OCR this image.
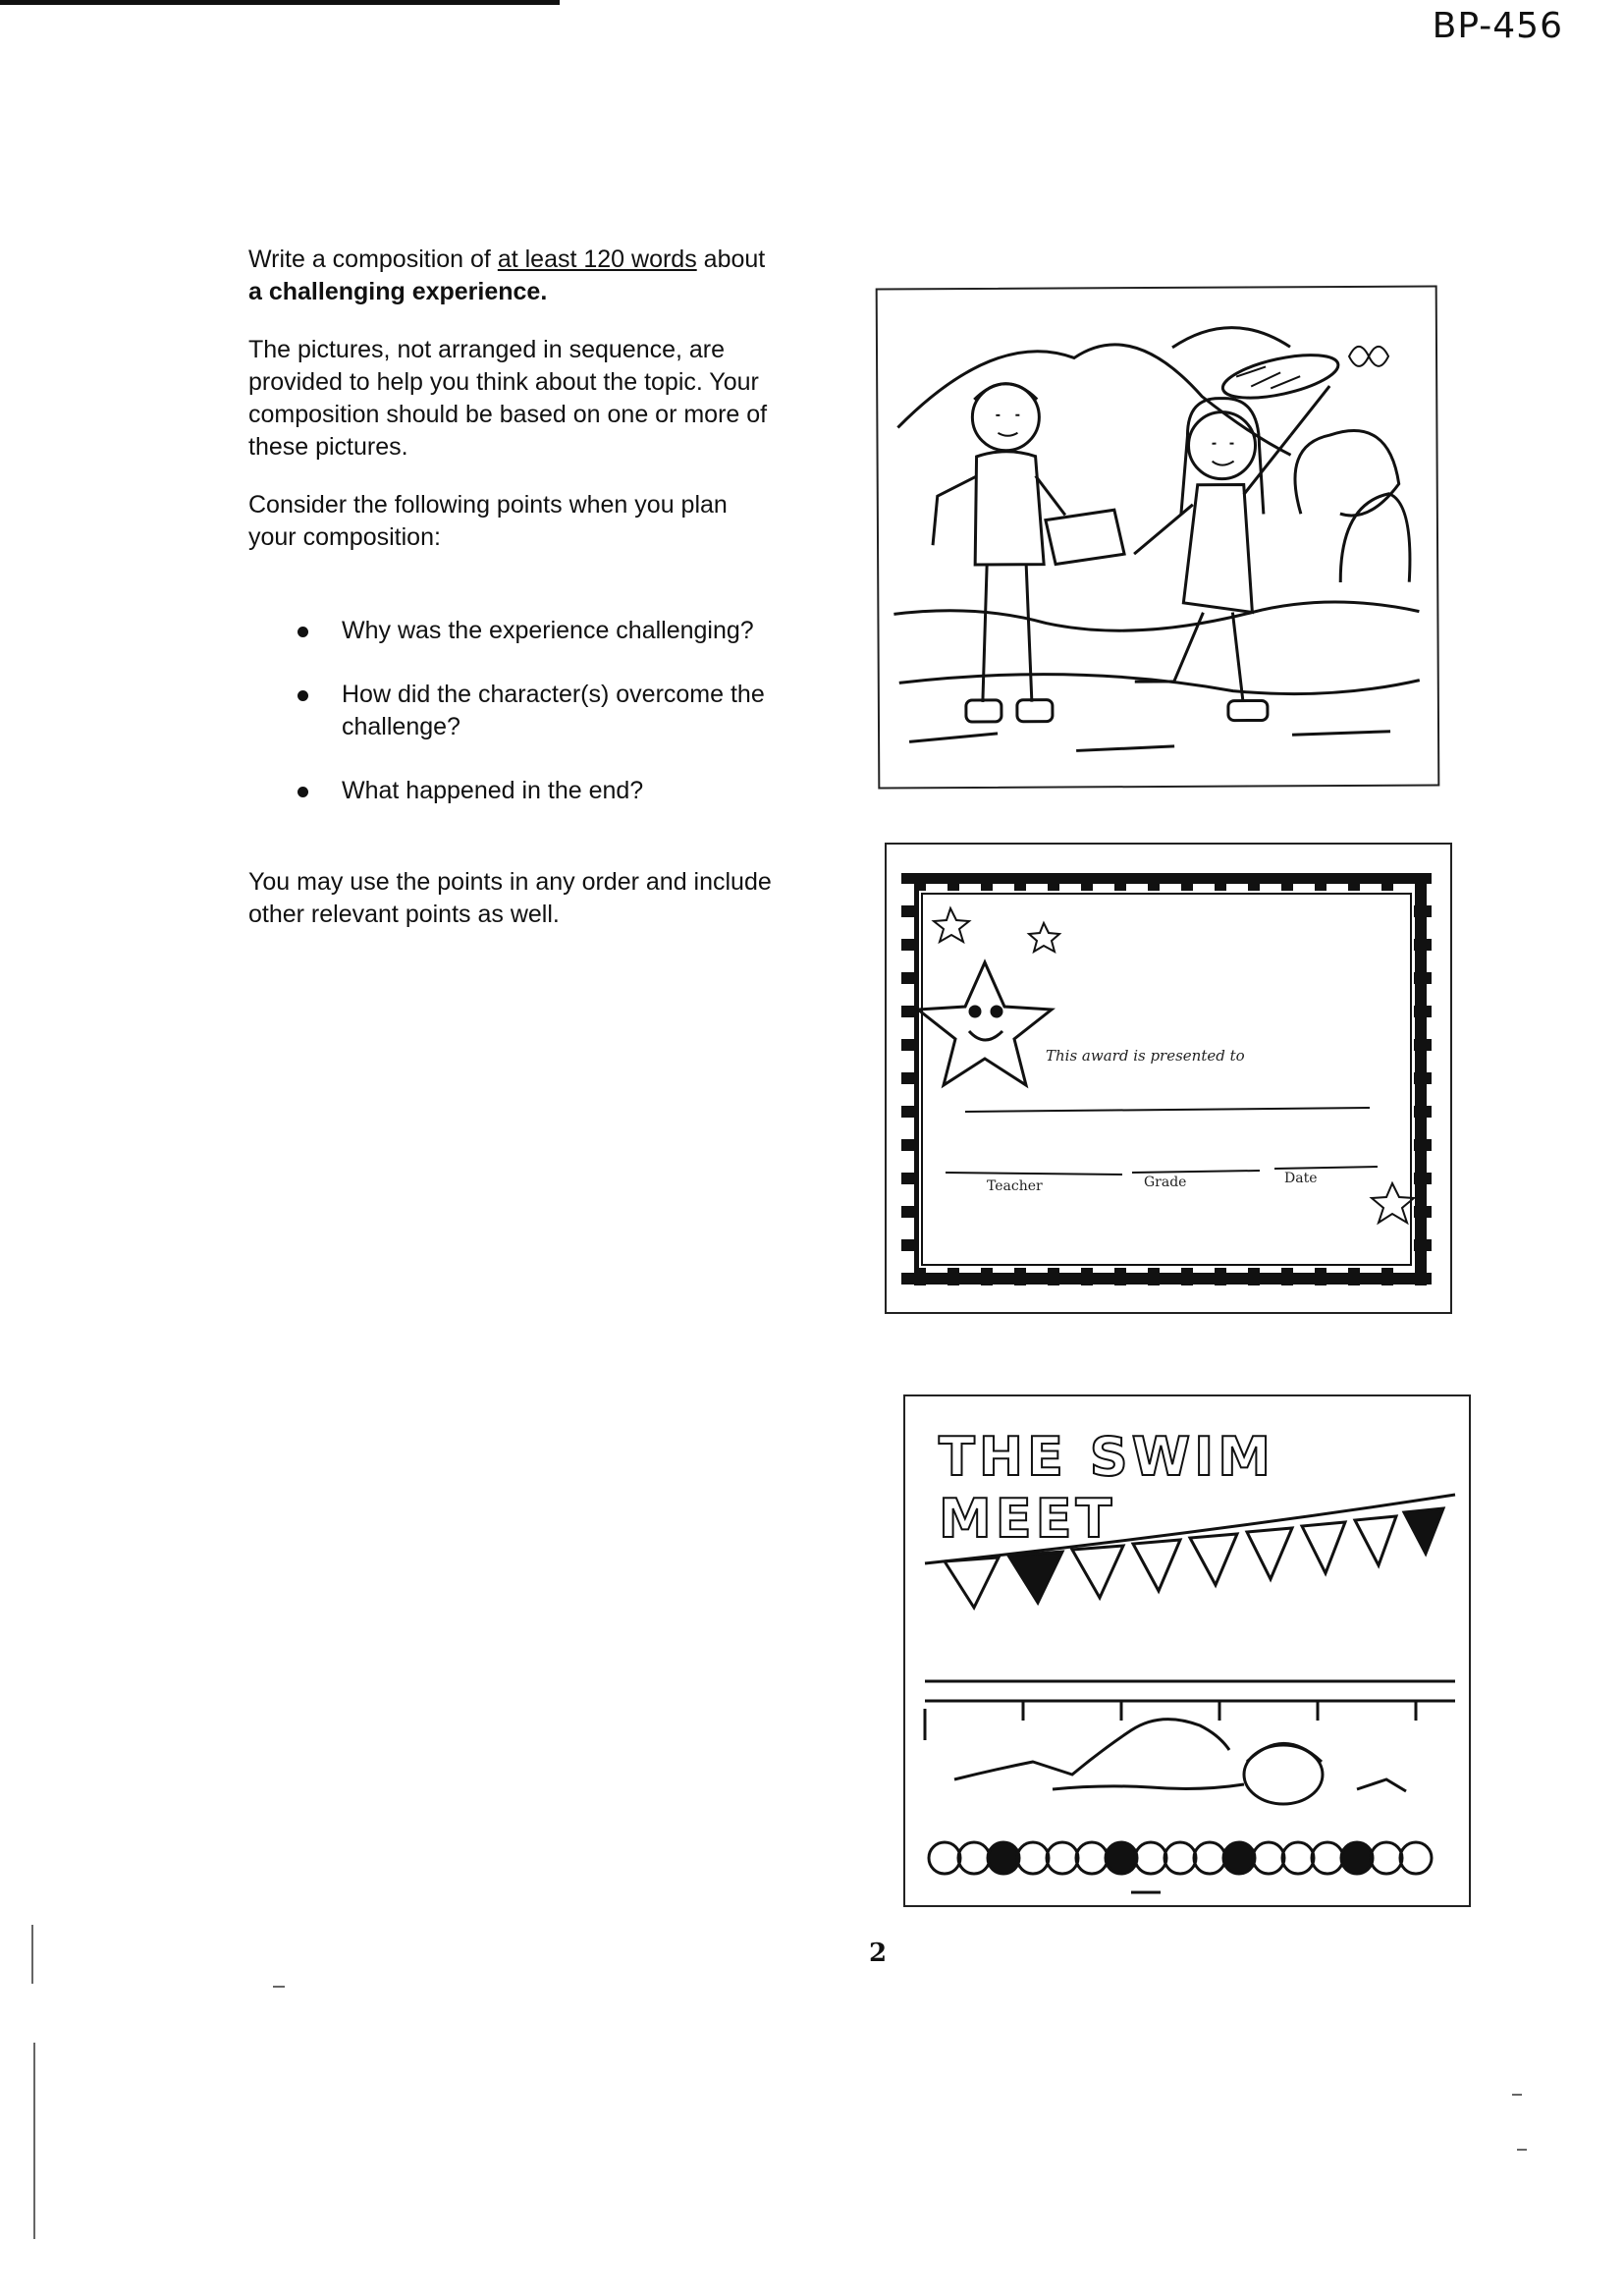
BP-456

Write a composition of at least 120 words about a challenging experience.

The pictures, not arranged in sequence, are provided to help you think about the topic. Your composition should be based on one or more of these pictures.

Consider the following points when you plan your composition:

Why was the experience challenging?
How did the character(s) overcome the challenge?
What happened in the end?

You may use the points in any order and include other relevant points as well.

This award is presented to
Teacher	Grade	Date
THE SWIM MEET
2
